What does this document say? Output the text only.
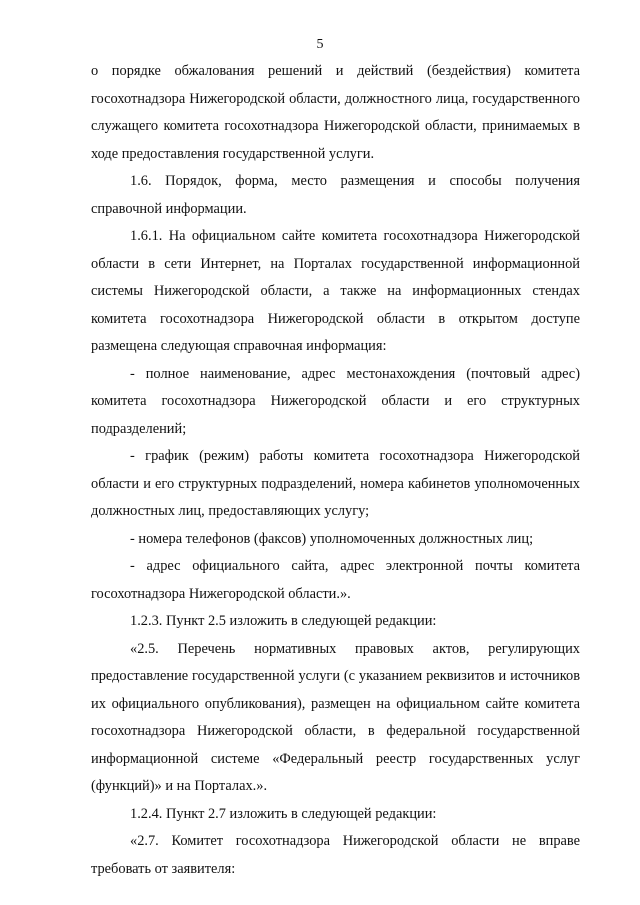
5

о порядке обжалования решений и действий (бездействия) комитета госохотнадзора Нижегородской области, должностного лица, государственного служащего комитета госохотнадзора Нижегородской области, принимаемых в ходе предоставления государственной услуги.

1.6. Порядок, форма, место размещения и способы получения справочной информации.

1.6.1. На официальном сайте комитета госохотнадзора Нижегородской области в сети Интернет, на Порталах государственной информационной системы Нижегородской области, а также на информационных стендах комитета госохотнадзора Нижегородской области в открытом доступе размещена следующая справочная информация:

- полное наименование, адрес местонахождения (почтовый адрес) комитета госохотнадзора Нижегородской области и его структурных подразделений;

- график (режим) работы комитета госохотнадзора Нижегородской области и его структурных подразделений, номера кабинетов уполномоченных должностных лиц, предоставляющих услугу;

- номера телефонов (факсов) уполномоченных должностных лиц;

- адрес официального сайта, адрес электронной почты комитета госохотнадзора Нижегородской области.».

1.2.3. Пункт 2.5 изложить в следующей редакции:

«2.5. Перечень нормативных правовых актов, регулирующих предоставление государственной услуги (с указанием реквизитов и источников их официального опубликования), размещен на официальном сайте комитета госохотнадзора Нижегородской области, в федеральной государственной информационной системе «Федеральный реестр государственных услуг (функций)» и на Порталах.».

1.2.4. Пункт 2.7 изложить в следующей редакции:

«2.7. Комитет госохотнадзора Нижегородской области не вправе требовать от заявителя:
